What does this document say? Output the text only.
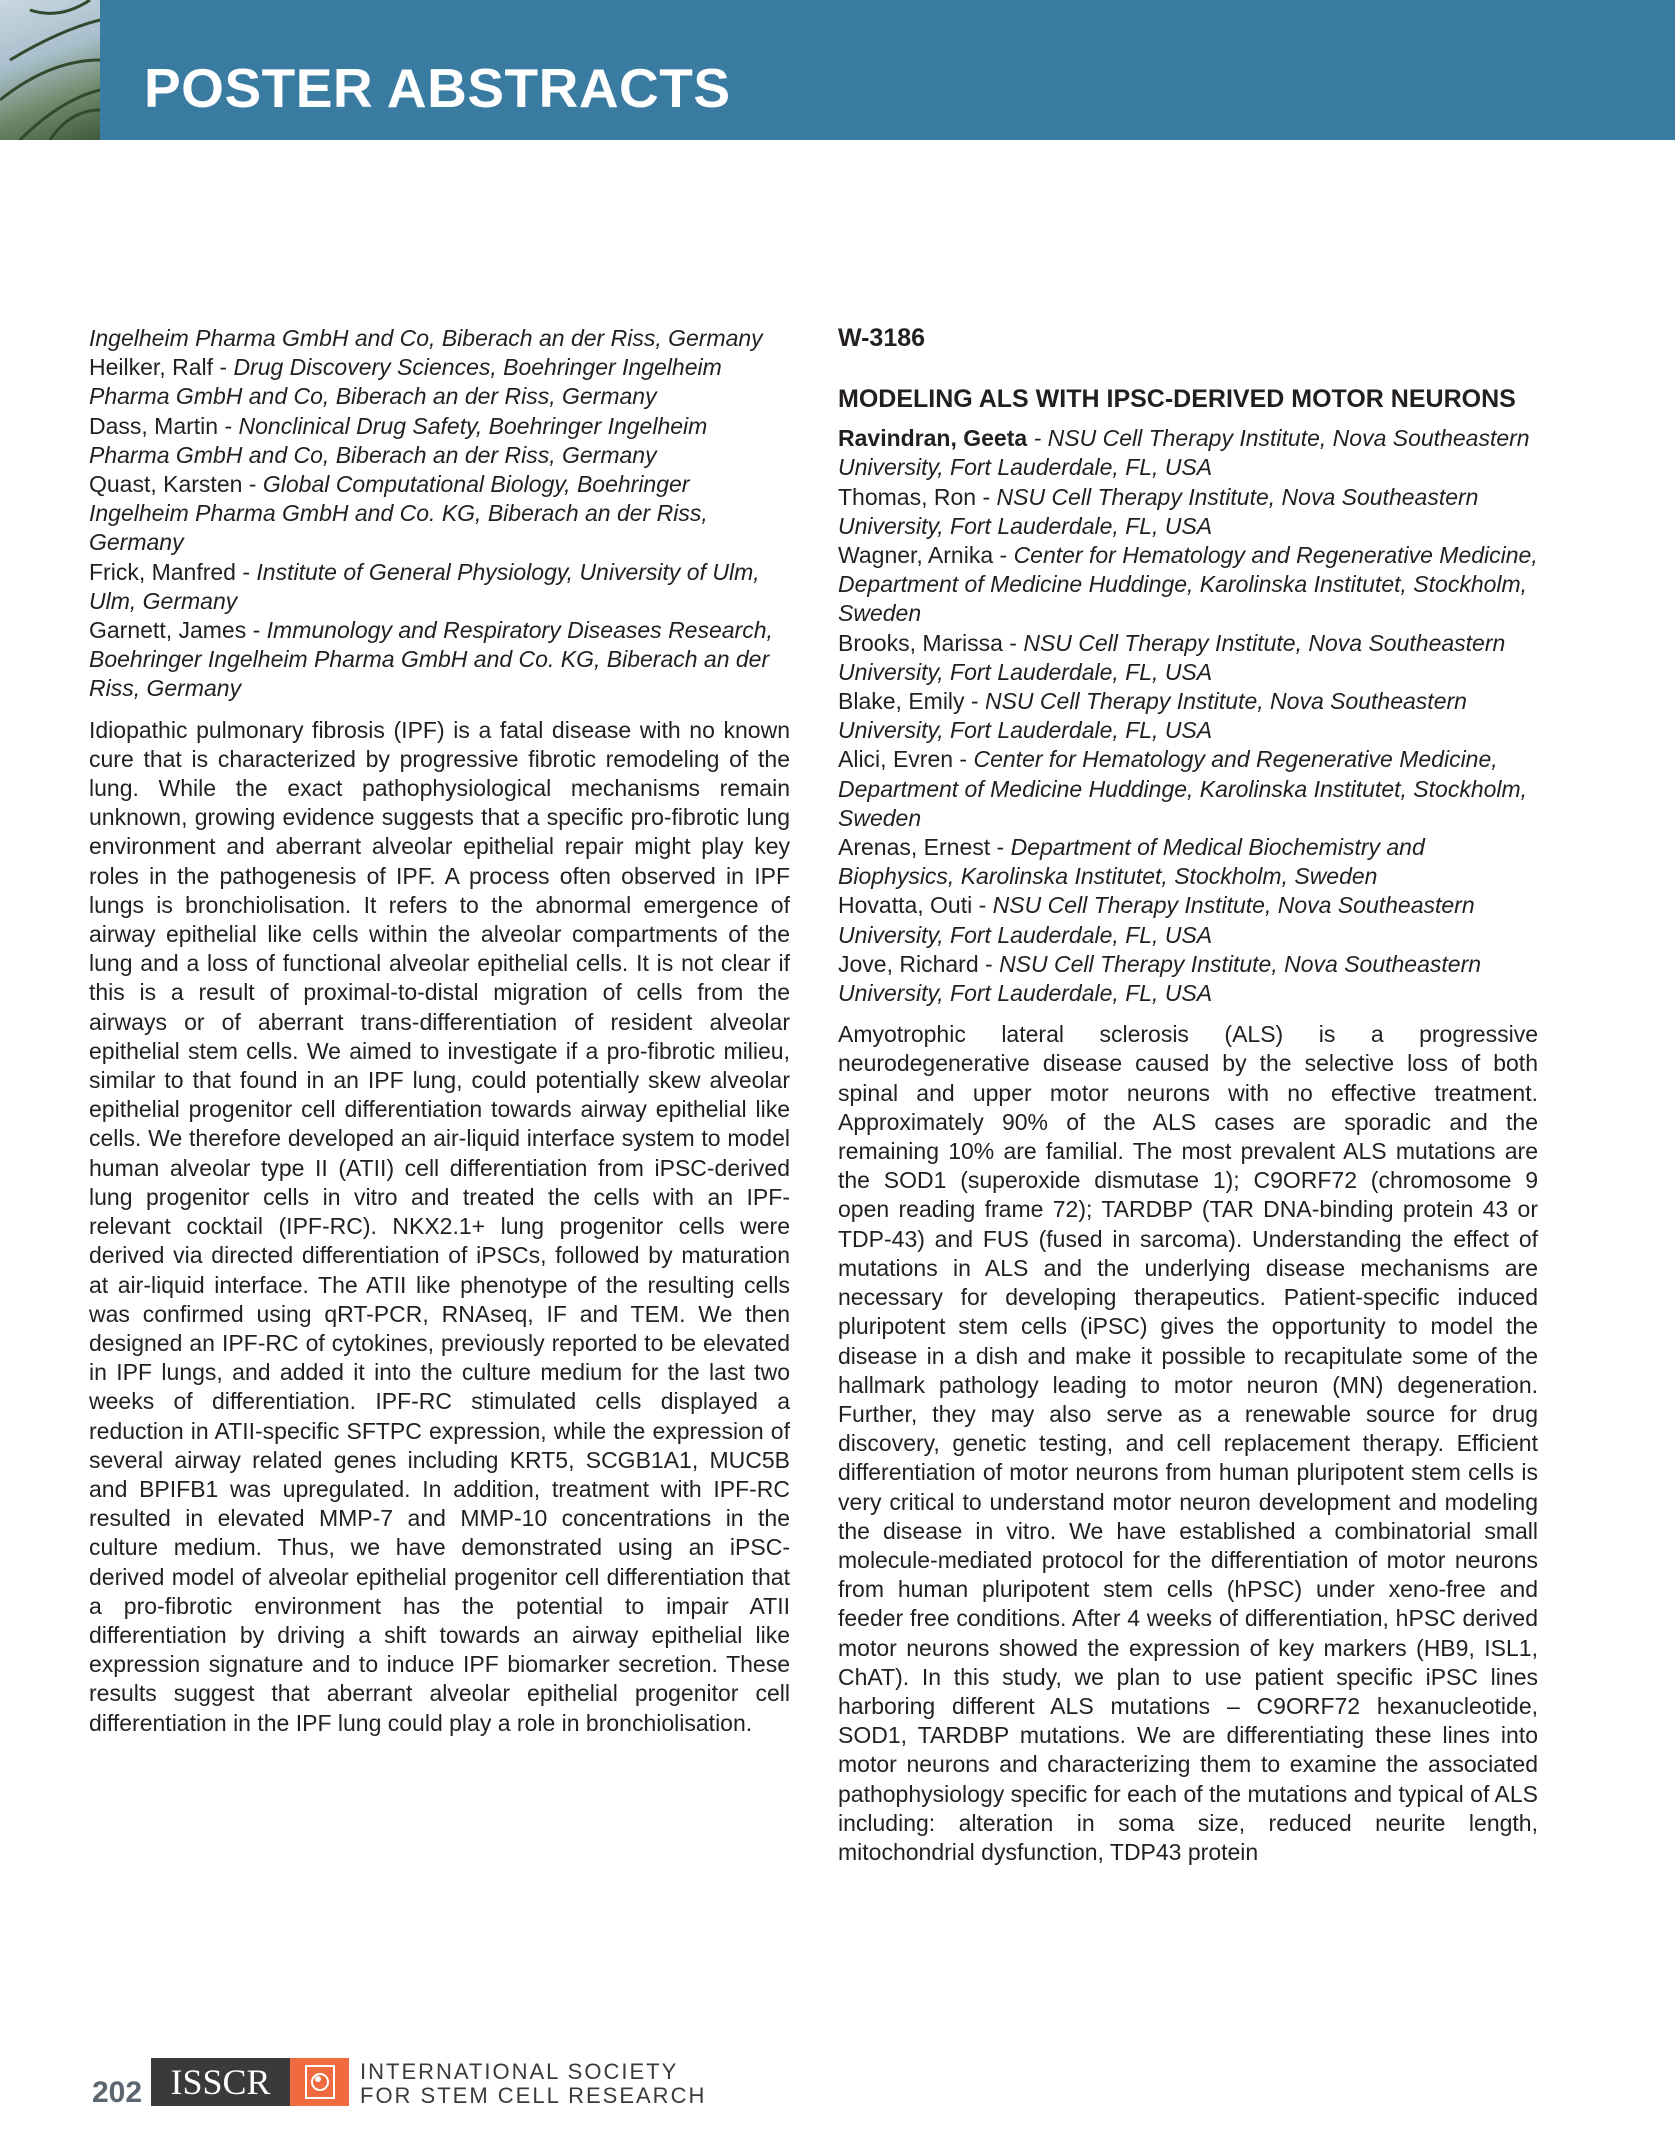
POSTER ABSTRACTS
Ingelheim Pharma GmbH and Co, Biberach an der Riss, Germany
Heilker, Ralf - Drug Discovery Sciences, Boehringer Ingelheim Pharma GmbH and Co, Biberach an der Riss, Germany
Dass, Martin - Nonclinical Drug Safety, Boehringer Ingelheim Pharma GmbH and Co, Biberach an der Riss, Germany
Quast, Karsten - Global Computational Biology, Boehringer Ingelheim Pharma GmbH and Co. KG, Biberach an der Riss, Germany
Frick, Manfred - Institute of General Physiology, University of Ulm, Ulm, Germany
Garnett, James - Immunology and Respiratory Diseases Research, Boehringer Ingelheim Pharma GmbH and Co. KG, Biberach an der Riss, Germany
Idiopathic pulmonary fibrosis (IPF) is a fatal disease with no known cure that is characterized by progressive fibrotic remodeling of the lung. While the exact pathophysiological mechanisms remain unknown, growing evidence suggests that a specific pro-fibrotic lung environment and aberrant alveolar epithelial repair might play key roles in the pathogenesis of IPF. A process often observed in IPF lungs is bronchiolisation. It refers to the abnormal emergence of airway epithelial like cells within the alveolar compartments of the lung and a loss of functional alveolar epithelial cells. It is not clear if this is a result of proximal-to-distal migration of cells from the airways or of aberrant trans-differentiation of resident alveolar epithelial stem cells. We aimed to investigate if a pro-fibrotic milieu, similar to that found in an IPF lung, could potentially skew alveolar epithelial progenitor cell differentiation towards airway epithelial like cells. We therefore developed an air-liquid interface system to model human alveolar type II (ATII) cell differentiation from iPSC-derived lung progenitor cells in vitro and treated the cells with an IPF-relevant cocktail (IPF-RC). NKX2.1+ lung progenitor cells were derived via directed differentiation of iPSCs, followed by maturation at air-liquid interface. The ATII like phenotype of the resulting cells was confirmed using qRT-PCR, RNAseq, IF and TEM. We then designed an IPF-RC of cytokines, previously reported to be elevated in IPF lungs, and added it into the culture medium for the last two weeks of differentiation. IPF-RC stimulated cells displayed a reduction in ATII-specific SFTPC expression, while the expression of several airway related genes including KRT5, SCGB1A1, MUC5B and BPIFB1 was upregulated. In addition, treatment with IPF-RC resulted in elevated MMP-7 and MMP-10 concentrations in the culture medium. Thus, we have demonstrated using an iPSC-derived model of alveolar epithelial progenitor cell differentiation that a pro-fibrotic environment has the potential to impair ATII differentiation by driving a shift towards an airway epithelial like expression signature and to induce IPF biomarker secretion. These results suggest that aberrant alveolar epithelial progenitor cell differentiation in the IPF lung could play a role in bronchiolisation.
W-3186
MODELING ALS WITH IPSC-DERIVED MOTOR NEURONS
Ravindran, Geeta - NSU Cell Therapy Institute, Nova Southeastern University, Fort Lauderdale, FL, USA
Thomas, Ron - NSU Cell Therapy Institute, Nova Southeastern University, Fort Lauderdale, FL, USA
Wagner, Arnika - Center for Hematology and Regenerative Medicine, Department of Medicine Huddinge, Karolinska Institutet, Stockholm, Sweden
Brooks, Marissa - NSU Cell Therapy Institute, Nova Southeastern University, Fort Lauderdale, FL, USA
Blake, Emily - NSU Cell Therapy Institute, Nova Southeastern University, Fort Lauderdale, FL, USA
Alici, Evren - Center for Hematology and Regenerative Medicine, Department of Medicine Huddinge, Karolinska Institutet, Stockholm, Sweden
Arenas, Ernest - Department of Medical Biochemistry and Biophysics, Karolinska Institutet, Stockholm, Sweden
Hovatta, Outi - NSU Cell Therapy Institute, Nova Southeastern University, Fort Lauderdale, FL, USA
Jove, Richard - NSU Cell Therapy Institute, Nova Southeastern University, Fort Lauderdale, FL, USA
Amyotrophic lateral sclerosis (ALS) is a progressive neurodegenerative disease caused by the selective loss of both spinal and upper motor neurons with no effective treatment. Approximately 90% of the ALS cases are sporadic and the remaining 10% are familial. The most prevalent ALS mutations are the SOD1 (superoxide dismutase 1); C9ORF72 (chromosome 9 open reading frame 72); TARDBP (TAR DNA-binding protein 43 or TDP-43) and FUS (fused in sarcoma). Understanding the effect of mutations in ALS and the underlying disease mechanisms are necessary for developing therapeutics. Patient-specific induced pluripotent stem cells (iPSC) gives the opportunity to model the disease in a dish and make it possible to recapitulate some of the hallmark pathology leading to motor neuron (MN) degeneration. Further, they may also serve as a renewable source for drug discovery, genetic testing, and cell replacement therapy. Efficient differentiation of motor neurons from human pluripotent stem cells is very critical to understand motor neuron development and modeling the disease in vitro. We have established a combinatorial small molecule-mediated protocol for the differentiation of motor neurons from human pluripotent stem cells (hPSC) under xeno-free and feeder free conditions. After 4 weeks of differentiation, hPSC derived motor neurons showed the expression of key markers (HB9, ISL1, ChAT). In this study, we plan to use patient specific iPSC lines harboring different ALS mutations – C9ORF72 hexanucleotide, SOD1, TARDBP mutations. We are differentiating these lines into motor neurons and characterizing them to examine the associated pathophysiology specific for each of the mutations and typical of ALS including: alteration in soma size, reduced neurite length, mitochondrial dysfunction, TDP43 protein
202 ISSCR	INTERNATIONAL SOCIETY
FOR STEM CELL RESEARCH
